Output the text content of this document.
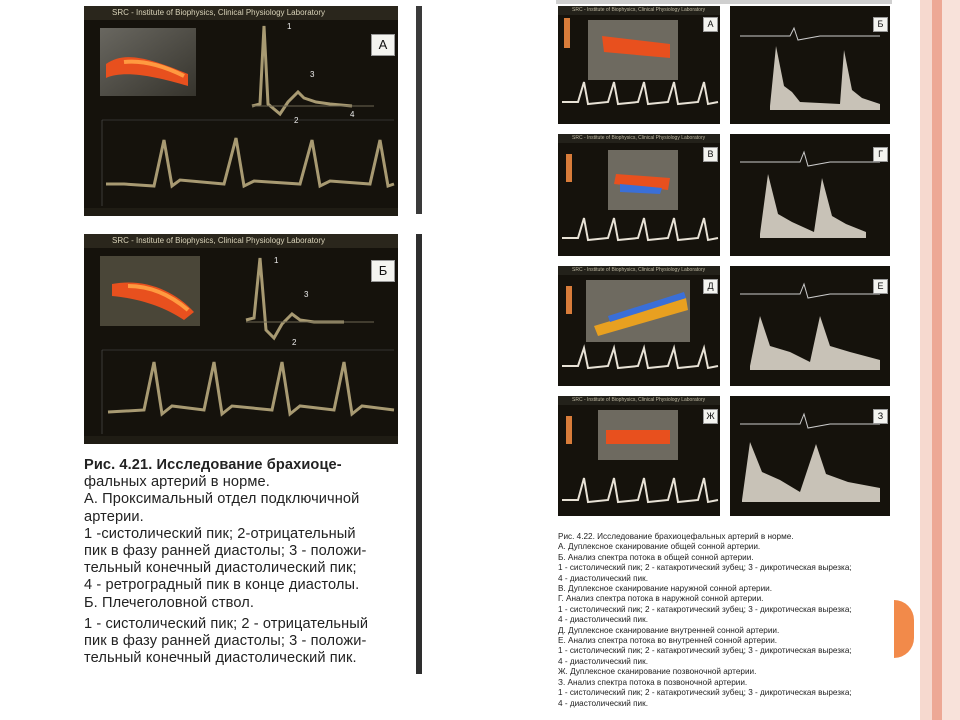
SRC - Institute of Biophysics, Clinical Physiology Laboratory
А
1
2
3
4
SRC - Institute of Biophysics, Clinical Physiology Laboratory
Б
1
2
3
Рис. 4.21. Исследование брахиоце-
фальных артерий в норме.
А. Проксимальный отдел подключичной
артерии.
1 -систолический пик; 2-отрицательный
пик в фазу ранней диастолы; 3 - положи-
тельный конечный диастолический пик;
4 - ретроградный пик в конце диастолы.
Б. Плечеголовной ствол.
1 - систолический пик; 2 - отрицательный
пик в фазу ранней диастолы; 3 - положи-
тельный конечный диастолический пик.
SRC - Institute of Biophysics, Clinical Physiology Laboratory
А	Б
SRC - Institute of Biophysics, Clinical Physiology Laboratory
В	Г
SRC - Institute of Biophysics, Clinical Physiology Laboratory
Д	Е
SRC - Institute of Biophysics, Clinical Physiology Laboratory
Ж	З
Рис. 4.22. Исследование брахиоцефальных артерий в норме.
А. Дуплексное сканирование общей сонной артерии.
Б. Анализ спектра потока в общей сонной артерии.
1 - систолический пик; 2 - катакротический зубец; 3 - дикротическая вырезка;
4 - диастолический пик.
В. Дуплексное сканирование наружной сонной артерии.
Г. Анализ спектра потока в наружной сонной артерии.
1 - систолический пик; 2 - катакротический зубец; 3 - дикротическая вырезка;
4 - диастолический пик.
Д. Дуплексное сканирование внутренней сонной артерии.
Е. Анализ спектра потока во внутренней сонной артерии.
1 - систолический пик; 2 - катакротический зубец; 3 - дикротическая вырезка;
4 - диастолический пик.
Ж. Дуплексное сканирование позвоночной артерии.
З. Анализ спектра потока в позвоночной артерии.
1 - систолический пик; 2 - катакротический зубец; 3 - дикротическая вырезка;
4 - диастолический пик.
